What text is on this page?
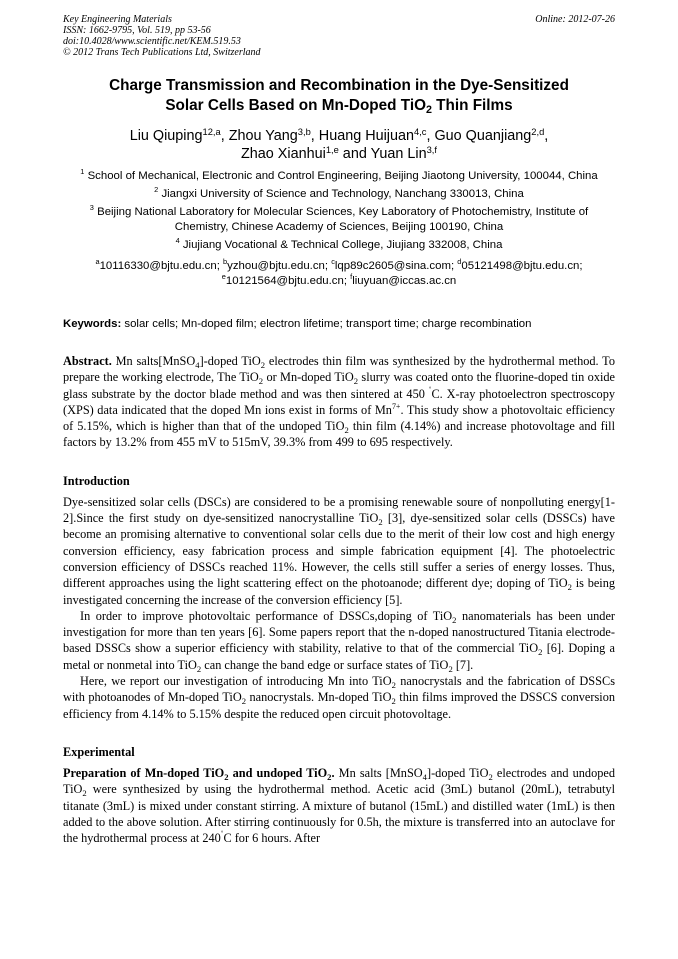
Key Engineering Materials
ISSN: 1662-9795, Vol. 519, pp 53-56
doi:10.4028/www.scientific.net/KEM.519.53
© 2012 Trans Tech Publications Ltd, Switzerland
Online: 2012-07-26
Charge Transmission and Recombination in the Dye-Sensitized
Solar Cells Based on Mn-Doped TiO$_2$ Thin Films
Liu Qiuping$^{12,a}$, Zhou Yang$^{3,b}$, Huang Huijuan$^{4,c}$, Guo Quanjiang$^{2,d}$,
Zhao Xianhui$^{1,e}$ and Yuan Lin$^{3,f}$

$^1$ School of Mechanical, Electronic and Control Engineering, Beijing Jiaotong University, 100044, China

$^2$ Jiangxi University of Science and Technology, Nanchang 330013, China

$^3$ Beijing National Laboratory for Molecular Sciences, Key Laboratory of Photochemistry, Institute of Chemistry, Chinese Academy of Sciences, Beijing 100190, China

$^4$ Jiujiang Vocational & Technical College, Jiujiang 332008, China

$^a$10116330@bjtu.edu.cn; $^b$yzhou@bjtu.edu.cn; $^c$lqp89c2605@sina.com; $^d$05121498@bjtu.edu.cn;
$^e$10121564@bjtu.edu.cn; $^f$liuyuan@iccas.ac.cn
Keywords: solar cells; Mn-doped film; electron lifetime; transport time; charge recombination

Abstract. Mn salts[MnSO$_4$]-doped TiO$_2$ electrodes thin film was synthesized by the hydrothermal method. To prepare the working electrode, The TiO$_2$ or Mn-doped TiO$_2$ slurry was coated onto the fluorine-doped tin oxide glass substrate by the doctor blade method and was then sintered at 450 ˚C. X-ray photoelectron spectroscopy (XPS) data indicated that the doped Mn ions exist in forms of $Mn^{7+}$. This study show a photovoltaic efficiency of 5.15%, which is higher than that of the undoped TiO$_2$ thin film (4.14%) and increase photovoltage and fill factors by 13.2% from 455 mV to 515mV, 39.3% from 499 to 695 respectively.

Introduction

Dye-sensitized solar cells (DSCs) are considered to be a promising renewable soure of nonpolluting energy[1-2].Since the first study on dye-sensitized nanocrystalline TiO$_2$ [3], dye-sensitized solar cells (DSSCs) have become an promising alternative to conventional solar cells due to the merit of their low cost and high energy conversion efficiency, easy fabrication process and simple fabrication equipment [4]. The photoelectric conversion efficiency of DSSCs reached 11%. However, the cells still suffer a series of energy losses. Thus, different approaches using the light scattering effect on the photoanode; different dye; doping of TiO$_2$ is being investigated concerning the increase of the conversion efficiency [5].

In order to improve photovoltaic performance of DSSCs,doping of TiO$_2$ nanomaterials has been under investigation for more than ten years [6]. Some papers report that the n-doped nanostructured Titania electrode-based DSSCs show a superior efficiency with stability, relative to that of the commercial TiO$_2$ [6]. Doping a metal or nonmetal into TiO$_2$ can change the band edge or surface states of TiO$_2$ [7].

Here, we report our investigation of introducing Mn into TiO$_2$ nanocrystals and the fabrication of DSSCs with photoanodes of Mn-doped TiO$_2$ nanocrystals. Mn-doped TiO$_2$ thin films improved the DSSCS conversion efficiency from 4.14% to 5.15% despite the reduced open circuit photovoltage.

Experimental

Preparation of Mn-doped TiO$_2$ and undoped TiO$_2$. Mn salts [MnSO$_4$]-doped TiO$_2$ electrodes and undoped TiO$_2$ were synthesized by using the hydrothermal method. Acetic acid (3mL) butanol (20mL), tetrabutyl titanate (3mL) is mixed under constant stirring. A mixture of butanol (15mL) and distilled water (1mL) is then added to the above solution. After stirring continuously for 0.5h, the mixture is transferred into an autoclave for the hydrothermal process at 240˚C for 6 hours. After
